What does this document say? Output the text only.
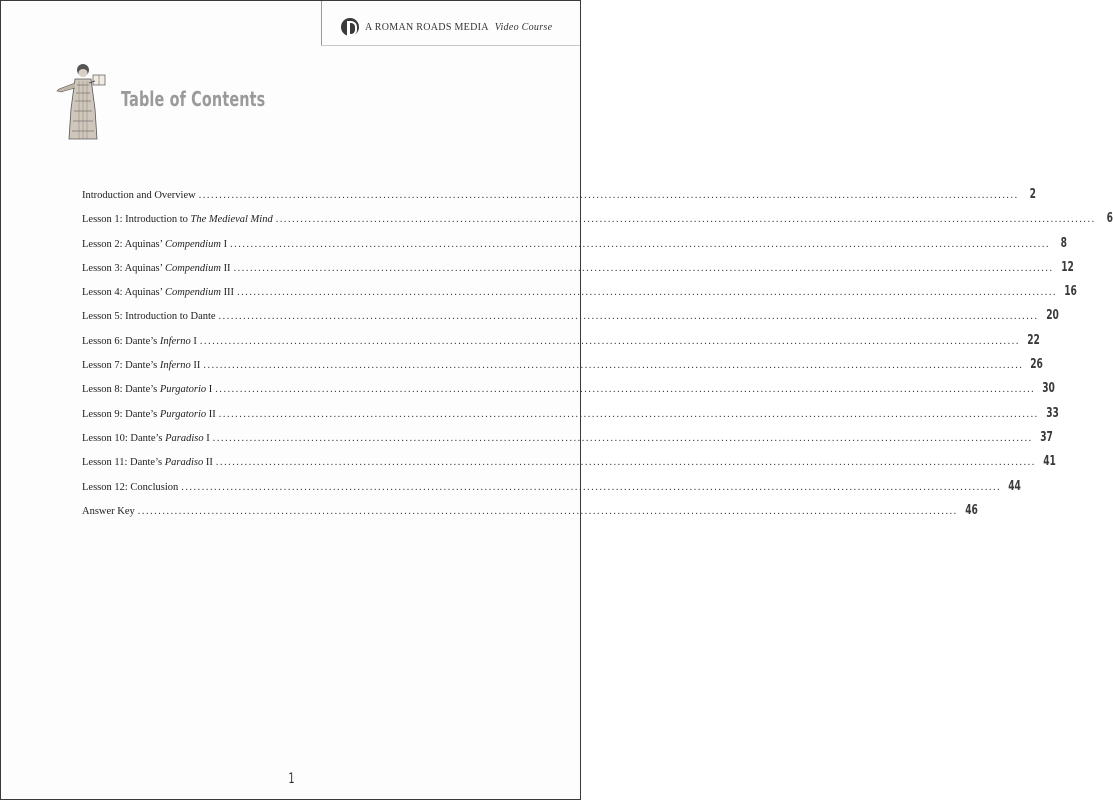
A ROMAN ROADS MEDIA Video Course
Table of Contents
Introduction and Overview ........................................................................................................................................................................................................ 2
Lesson 1: Introduction to The Medieval Mind ........................................................................................................................................................................................................ 6
Lesson 2: Aquinas’ Compendium I ........................................................................................................................................................................................................ 8
Lesson 3: Aquinas’ Compendium II ........................................................................................................................................................................................................ 12
Lesson 4: Aquinas’ Compendium III ........................................................................................................................................................................................................ 16
Lesson 5: Introduction to Dante ........................................................................................................................................................................................................ 20
Lesson 6: Dante’s Inferno I ........................................................................................................................................................................................................ 22
Lesson 7: Dante’s Inferno II ........................................................................................................................................................................................................ 26
Lesson 8: Dante’s Purgatorio I ........................................................................................................................................................................................................ 30
Lesson 9: Dante’s Purgatorio II ........................................................................................................................................................................................................ 33
Lesson 10: Dante’s Paradiso I ........................................................................................................................................................................................................ 37
Lesson 11: Dante’s Paradiso II ........................................................................................................................................................................................................ 41
Lesson 12: Conclusion ........................................................................................................................................................................................................ 44
Answer Key ........................................................................................................................................................................................................ 46
1
